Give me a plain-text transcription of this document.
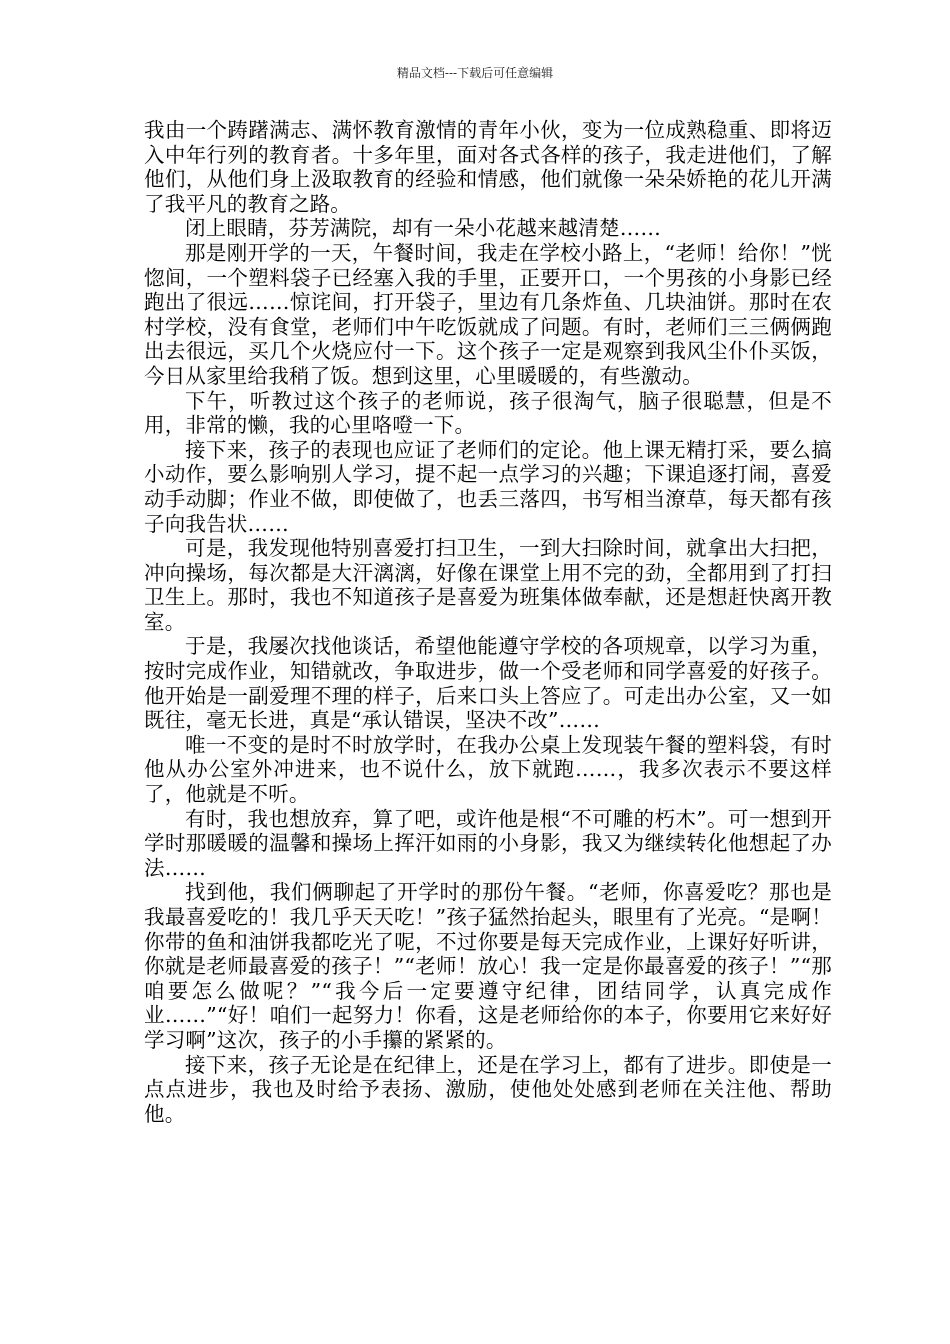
精品文档---下载后可任意编辑

我由一个踌躇满志、满怀教育激情的青年小伙，变为一位成熟稳重、即将迈入中年行列的教育者。十多年里，面对各式各样的孩子，我走进他们，了解他们，从他们身上汲取教育的经验和情感，他们就像一朵朵娇艳的花儿开满了我平凡的教育之路。

闭上眼睛，芬芳满院，却有一朵小花越来越清楚……

那是刚开学的一天，午餐时间，我走在学校小路上，“老师！给你！”恍惚间，一个塑料袋子已经塞入我的手里，正要开口，一个男孩的小身影已经跑出了很远……惊诧间，打开袋子，里边有几条炸鱼、几块油饼。那时在农村学校，没有食堂，老师们中午吃饭就成了问题。有时，老师们三三俩俩跑出去很远，买几个火烧应付一下。这个孩子一定是观察到我风尘仆仆买饭，今日从家里给我稍了饭。想到这里，心里暖暖的，有些激动。

下午，听教过这个孩子的老师说，孩子很淘气，脑子很聪慧，但是不用，非常的懒，我的心里咯噔一下。

接下来，孩子的表现也应证了老师们的定论。他上课无精打采，要么搞小动作，要么影响别人学习，提不起一点学习的兴趣；下课追逐打闹，喜爱动手动脚；作业不做，即使做了，也丢三落四，书写相当潦草，每天都有孩子向我告状……

可是，我发现他特别喜爱打扫卫生，一到大扫除时间，就拿出大扫把，冲向操场，每次都是大汗漓漓，好像在课堂上用不完的劲，全都用到了打扫卫生上。那时，我也不知道孩子是喜爱为班集体做奉献，还是想赶快离开教室。

于是，我屡次找他谈话，希望他能遵守学校的各项规章，以学习为重，按时完成作业，知错就改，争取进步，做一个受老师和同学喜爱的好孩子。他开始是一副爱理不理的样子，后来口头上答应了。可走出办公室，又一如既往，毫无长进，真是“承认错误，坚决不改”……

唯一不变的是时不时放学时，在我办公桌上发现装午餐的塑料袋，有时他从办公室外冲进来，也不说什么，放下就跑……，我多次表示不要这样了，他就是不听。

有时，我也想放弃，算了吧，或许他是根“不可雕的朽木”。可一想到开学时那暖暖的温馨和操场上挥汗如雨的小身影，我又为继续转化他想起了办法……

找到他，我们俩聊起了开学时的那份午餐。“老师，你喜爱吃？那也是我最喜爱吃的！我几乎天天吃！”孩子猛然抬起头，眼里有了光亮。“是啊！你带的鱼和油饼我都吃光了呢，不过你要是每天完成作业，上课好好听讲，你就是老师最喜爱的孩子！”“老师！放心！我一定是你最喜爱的孩子！”“那咱要怎么做呢？”“我今后一定要遵守纪律，团结同学，认真完成作业……”“好！咱们一起努力！你看，这是老师给你的本子，你要用它来好好学习啊”这次，孩子的小手攥的紧紧的。

接下来，孩子无论是在纪律上，还是在学习上，都有了进步。即使是一点点进步，我也及时给予表扬、激励，使他处处感到老师在关注他、帮助他。
